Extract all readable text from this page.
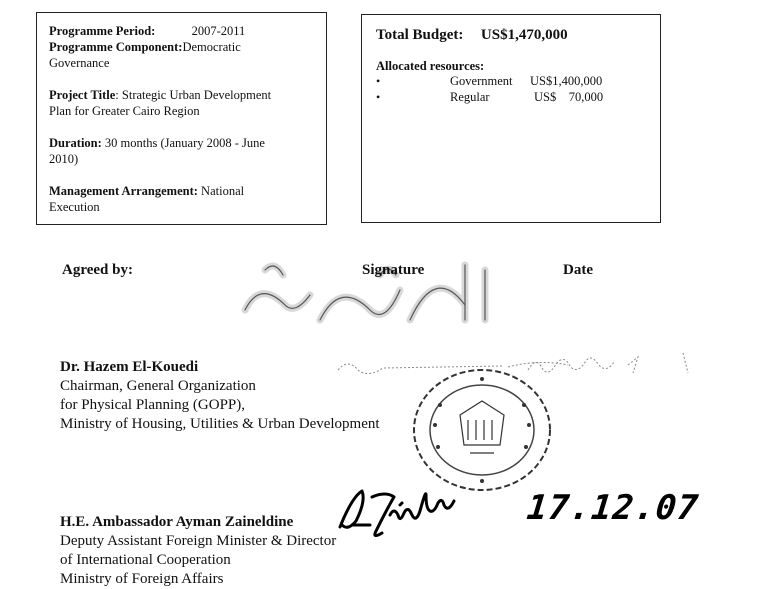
Programme Period:	2007-2011
Programme Component:Democratic
Governance
Project Title: Strategic Urban Development
Plan for Greater Cairo Region
Duration: 30 months (January 2008 - June
2010)
Management Arrangement: National
Execution
Total Budget: US$1,470,000
Allocated resources:
•	Government US$1,400,000
•	Regular	US$    70,000
Agreed by:	Signature	Date
Dr. Hazem El-Kouedi
Chairman, General Organization
for Physical Planning (GOPP),
Ministry of Housing, Utilities & Urban Development
H.E. Ambassador Ayman Zaineldine
Deputy Assistant Foreign Minister & Director
of International Cooperation
Ministry of Foreign Affairs
17.12.07
